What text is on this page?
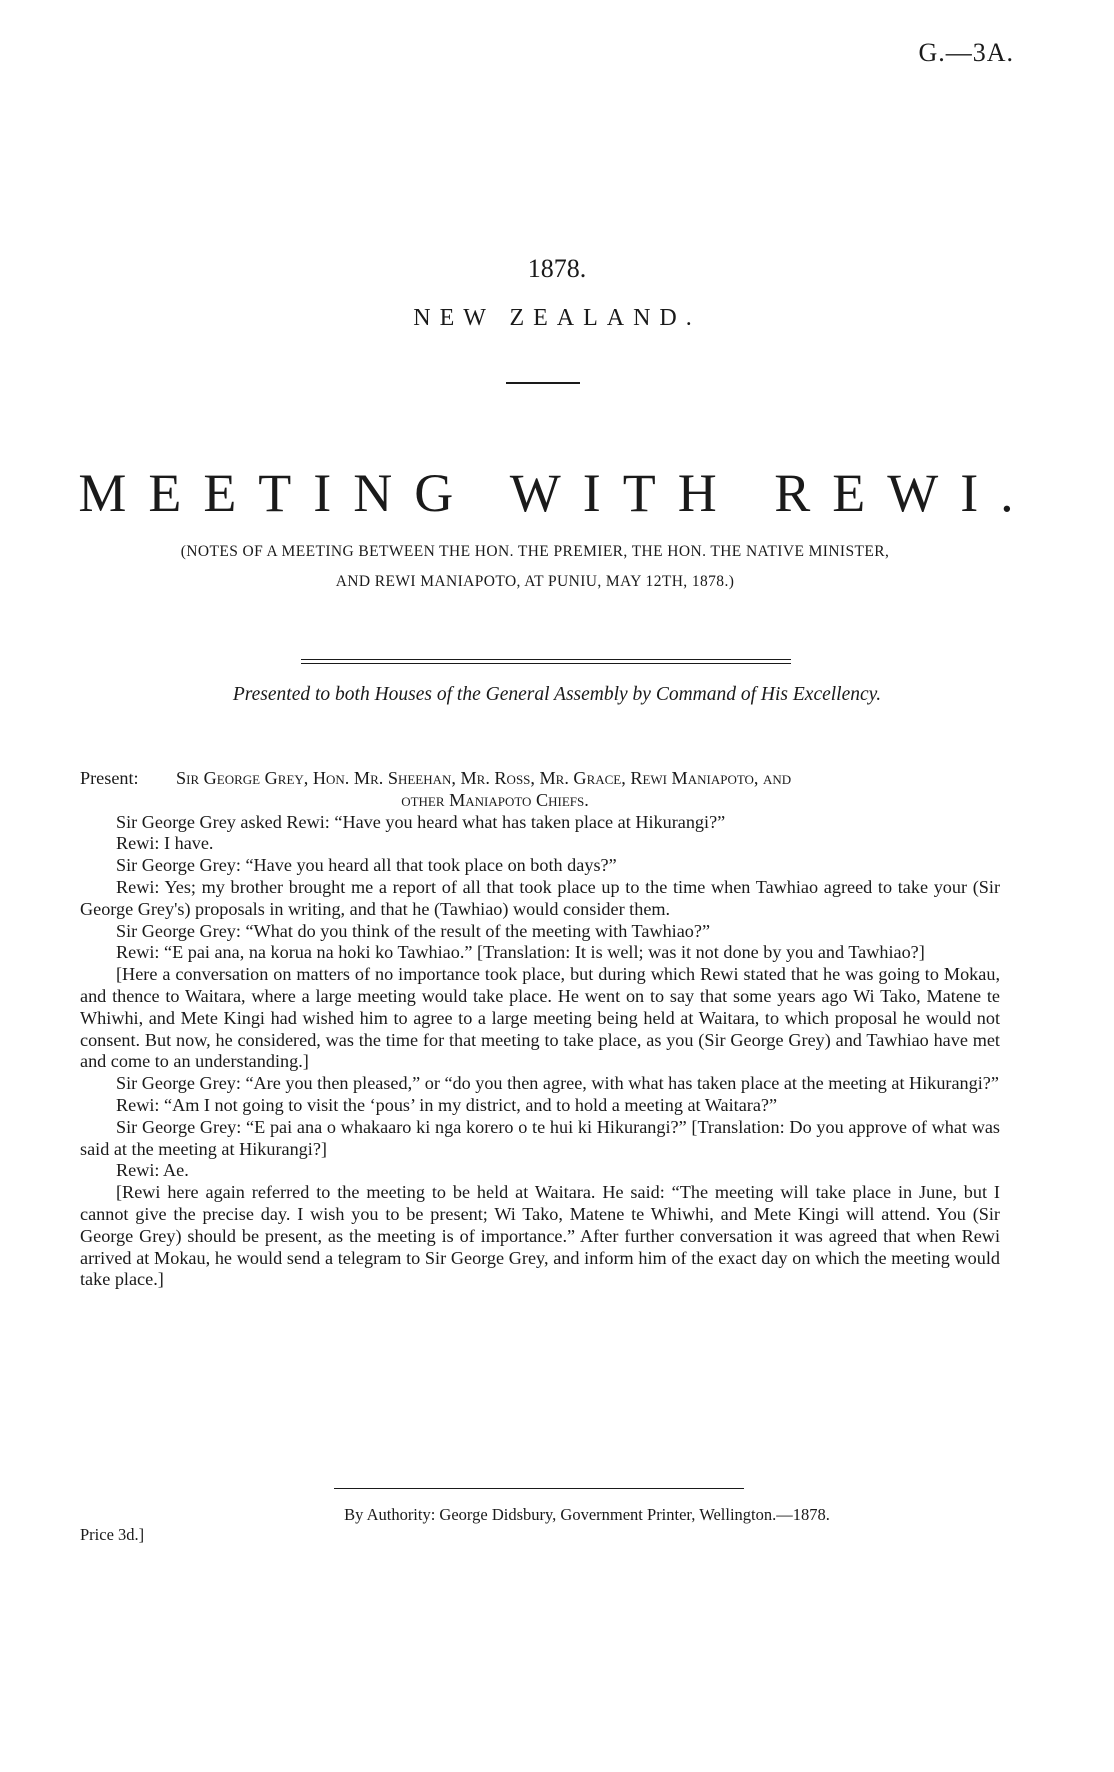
G.—3A.
1878.
NEW ZEALAND.
MEETING WITH REWI.
(NOTES OF A MEETING BETWEEN THE HON. THE PREMIER, THE HON. THE NATIVE MINISTER,
AND REWI MANIAPOTO, AT PUNIU, MAY 12TH, 1878.)
Presented to both Houses of the General Assembly by Command of His Excellency.
Present:	Sir George Grey, Hon. Mr. Sheehan, Mr. Ross, Mr. Grace, Rewi Maniapoto, and
other Maniapoto Chiefs.

Sir George Grey asked Rewi: “Have you heard what has taken place at Hikurangi?”

Rewi: I have.

Sir George Grey: “Have you heard all that took place on both days?”

Rewi: Yes; my brother brought me a report of all that took place up to the time when Tawhiao agreed to take your (Sir George Grey's) proposals in writing, and that he (Tawhiao) would consider them.

Sir George Grey: “What do you think of the result of the meeting with Tawhiao?”

Rewi: “E pai ana, na korua na hoki ko Tawhiao.” [Translation: It is well; was it not done by you and Tawhiao?]

[Here a conversation on matters of no importance took place, but during which Rewi stated that he was going to Mokau, and thence to Waitara, where a large meeting would take place. He went on to say that some years ago Wi Tako, Matene te Whiwhi, and Mete Kingi had wished him to agree to a large meeting being held at Waitara, to which proposal he would not consent. But now, he considered, was the time for that meeting to take place, as you (Sir George Grey) and Tawhiao have met and come to an understanding.]

Sir George Grey: “Are you then pleased,” or “do you then agree, with what has taken place at the meeting at Hikurangi?”

Rewi: “Am I not going to visit the ‘pous’ in my district, and to hold a meeting at Waitara?”

Sir George Grey: “E pai ana o whakaaro ki nga korero o te hui ki Hikurangi?” [Translation: Do you approve of what was said at the meeting at Hikurangi?]

Rewi: Ae.

[Rewi here again referred to the meeting to be held at Waitara. He said: “The meeting will take place in June, but I cannot give the precise day. I wish you to be present; Wi Tako, Matene te Whiwhi, and Mete Kingi will attend. You (Sir George Grey) should be present, as the meeting is of importance.” After further conversation it was agreed that when Rewi arrived at Mokau, he would send a telegram to Sir George Grey, and inform him of the exact day on which the meeting would take place.]

By Authority: George Didsbury, Government Printer, Wellington.—1878.
Price 3d.]
